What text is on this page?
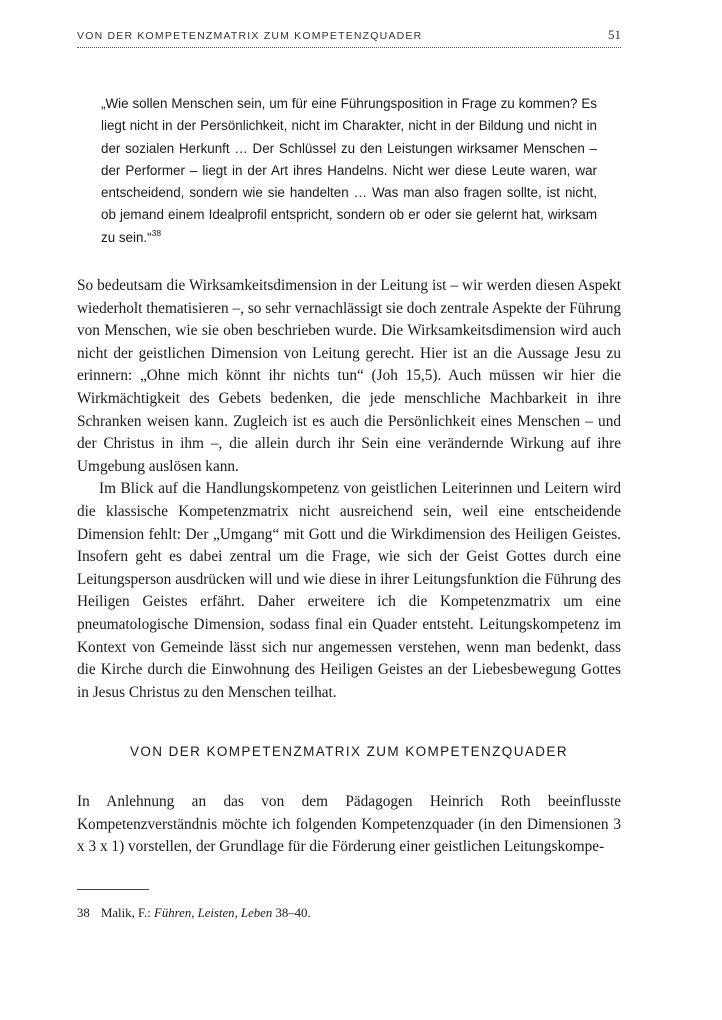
VON DER KOMPETENZMATRIX ZUM KOMPETENZQUADER	51
„Wie sollen Menschen sein, um für eine Führungsposition in Frage zu kommen? Es liegt nicht in der Persönlichkeit, nicht im Charakter, nicht in der Bildung und nicht in der sozialen Herkunft … Der Schlüssel zu den Leistungen wirksamer Menschen – der Performer – liegt in der Art ihres Handelns. Nicht wer diese Leute waren, war entscheidend, sondern wie sie handelten … Was man also fragen sollte, ist nicht, ob jemand einem Idealprofil entspricht, sondern ob er oder sie gelernt hat, wirksam zu sein.“$^{38}$

So bedeutsam die Wirksamkeitsdimension in der Leitung ist – wir werden diesen Aspekt wiederholt thematisieren –, so sehr vernachlässigt sie doch zentrale Aspekte der Führung von Menschen, wie sie oben beschrieben wurde. Die Wirksamkeitsdimension wird auch nicht der geistlichen Dimension von Leitung gerecht. Hier ist an die Aussage Jesu zu erinnern: „Ohne mich könnt ihr nichts tun“ (Joh 15,5). Auch müssen wir hier die Wirkmächtigkeit des Gebets bedenken, die jede menschliche Machbarkeit in ihre Schranken weisen kann. Zugleich ist es auch die Persönlichkeit eines Menschen – und der Christus in ihm –, die allein durch ihr Sein eine verändernde Wirkung auf ihre Umgebung auslösen kann.

Im Blick auf die Handlungskompetenz von geistlichen Leiterinnen und Leitern wird die klassische Kompetenzmatrix nicht ausreichend sein, weil eine entscheidende Dimension fehlt: Der „Umgang“ mit Gott und die Wirkdimension des Heiligen Geistes. Insofern geht es dabei zentral um die Frage, wie sich der Geist Gottes durch eine Leitungsperson ausdrücken will und wie diese in ihrer Leitungsfunktion die Führung des Heiligen Geistes erfährt. Daher erweitere ich die Kompetenzmatrix um eine pneumatologische Dimension, sodass final ein Quader entsteht. Leitungskompetenz im Kontext von Gemeinde lässt sich nur angemessen verstehen, wenn man bedenkt, dass die Kirche durch die Einwohnung des Heiligen Geistes an der Liebesbewegung Gottes in Jesus Christus zu den Menschen teilhat.

VON DER KOMPETENZMATRIX ZUM KOMPETENZQUADER

In Anlehnung an das von dem Pädagogen Heinrich Roth beeinflusste Kompetenzverständnis möchte ich folgenden Kompetenzquader (in den Dimensionen 3 x 3 x 1) vorstellen, der Grundlage für die Förderung einer geistlichen Leitungskompe-

38 Malik, F.: Führen, Leisten, Leben 38–40.
